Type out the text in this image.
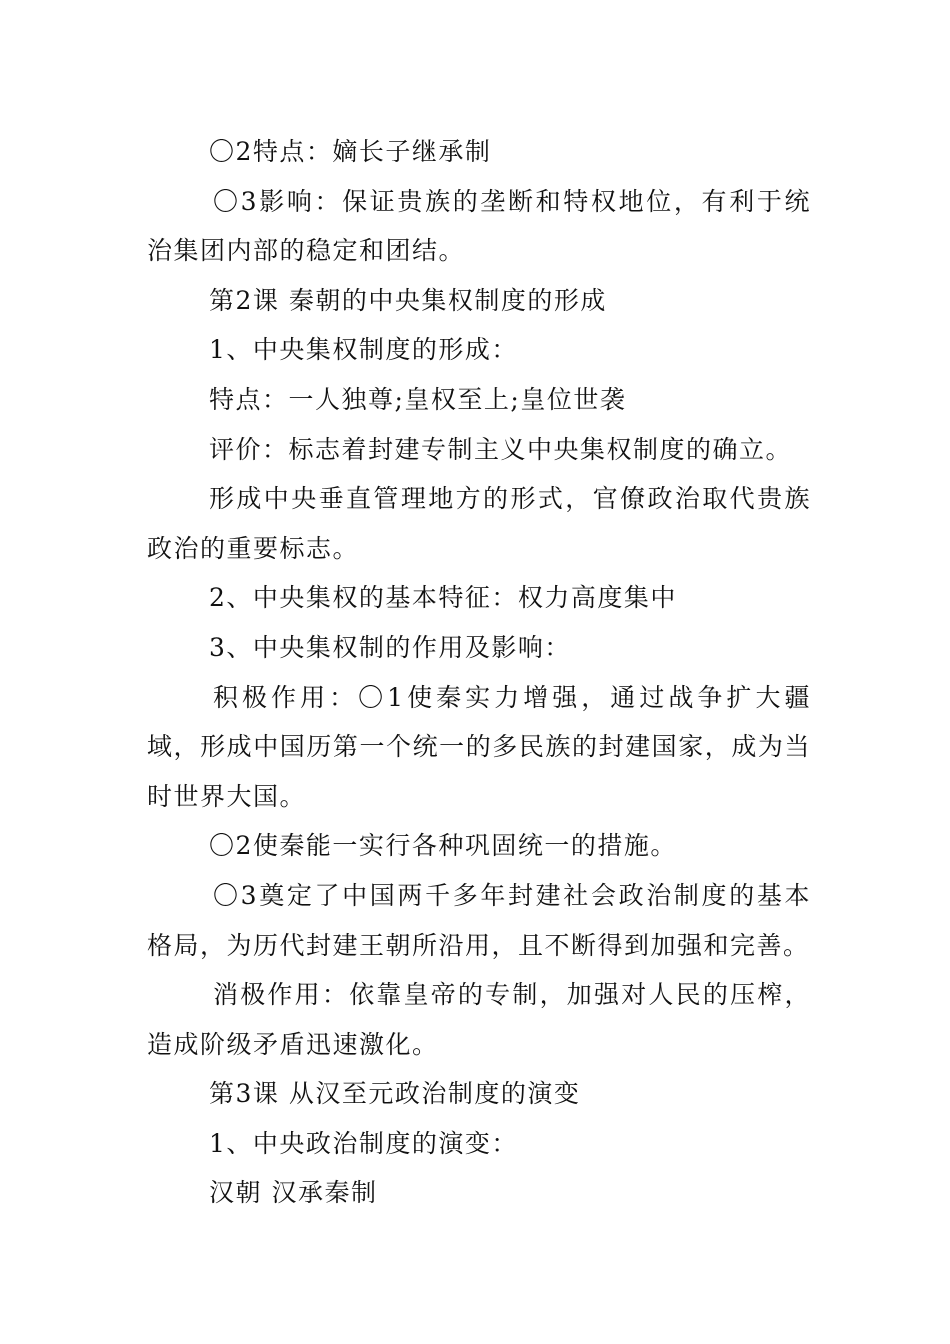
〇2特点：嫡长子继承制

〇3影响：保证贵族的垄断和特权地位，有利于统治集团内部的稳定和团结。

第2课 秦朝的中央集权制度的形成

1、中央集权制度的形成：

特点：一人独尊;皇权至上;皇位世袭

评价：标志着封建专制主义中央集权制度的确立。

形成中央垂直管理地方的形式，官僚政治取代贵族政治的重要标志。

2、中央集权的基本特征：权力高度集中

3、中央集权制的作用及影响：

积极作用：〇1使秦实力增强，通过战争扩大疆域，形成中国历第一个统一的多民族的封建国家，成为当时世界大国。

〇2使秦能一实行各种巩固统一的措施。

〇3奠定了中国两千多年封建社会政治制度的基本格局，为历代封建王朝所沿用，且不断得到加强和完善。

消极作用：依靠皇帝的专制，加强对人民的压榨，造成阶级矛盾迅速激化。

第3课 从汉至元政治制度的演变

1、中央政治制度的演变：

汉朝 汉承秦制
